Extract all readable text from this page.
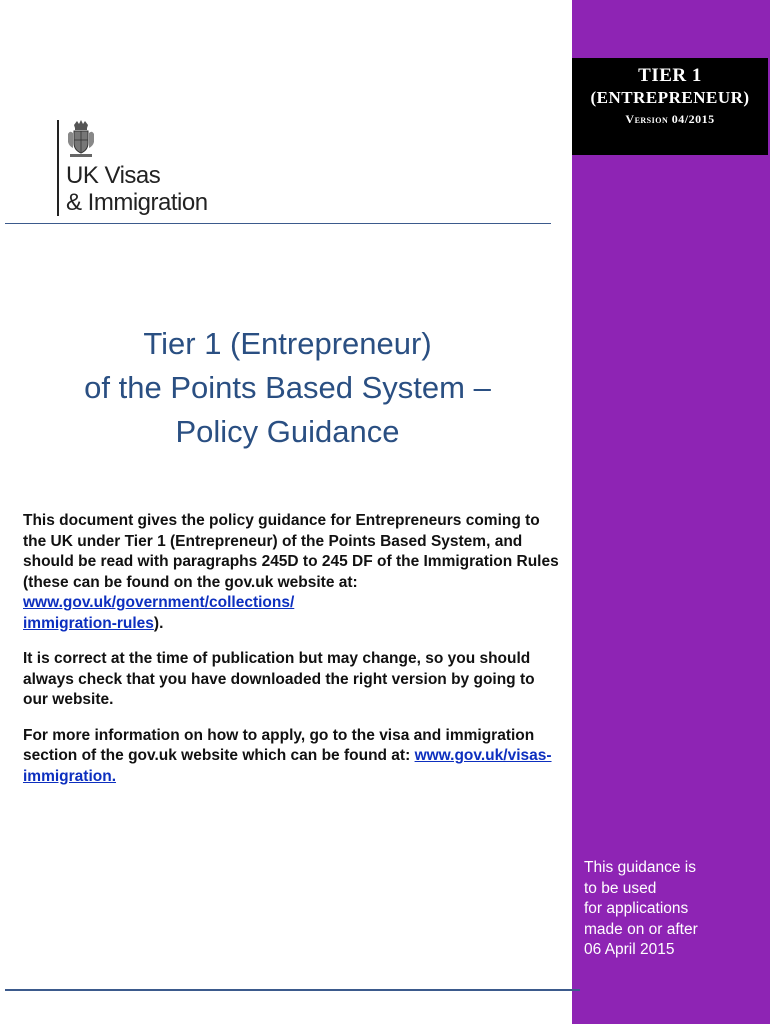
TIER 1
(ENTREPRENEUR)
Version 04/2015
UK Visas
& Immigration
Tier 1 (Entrepreneur)
of the Points Based System –
Policy Guidance

This document gives the policy guidance for Entrepreneurs coming to the UK under Tier 1 (Entrepreneur) of the Points Based System, and should be read with paragraphs 245D to 245 DF of the Immigration Rules (these can be found on the gov.uk website at: www.gov.uk/government/collections/
immigration-rules).

It is correct at the time of publication but may change, so you should always check that you have downloaded the right version by going to our website.

For more information on how to apply, go to the visa and immigration section of the gov.uk website which can be found at: www.gov.uk/visas-immigration.

This guidance is
to be used
for applications
made on or after
06 April 2015
